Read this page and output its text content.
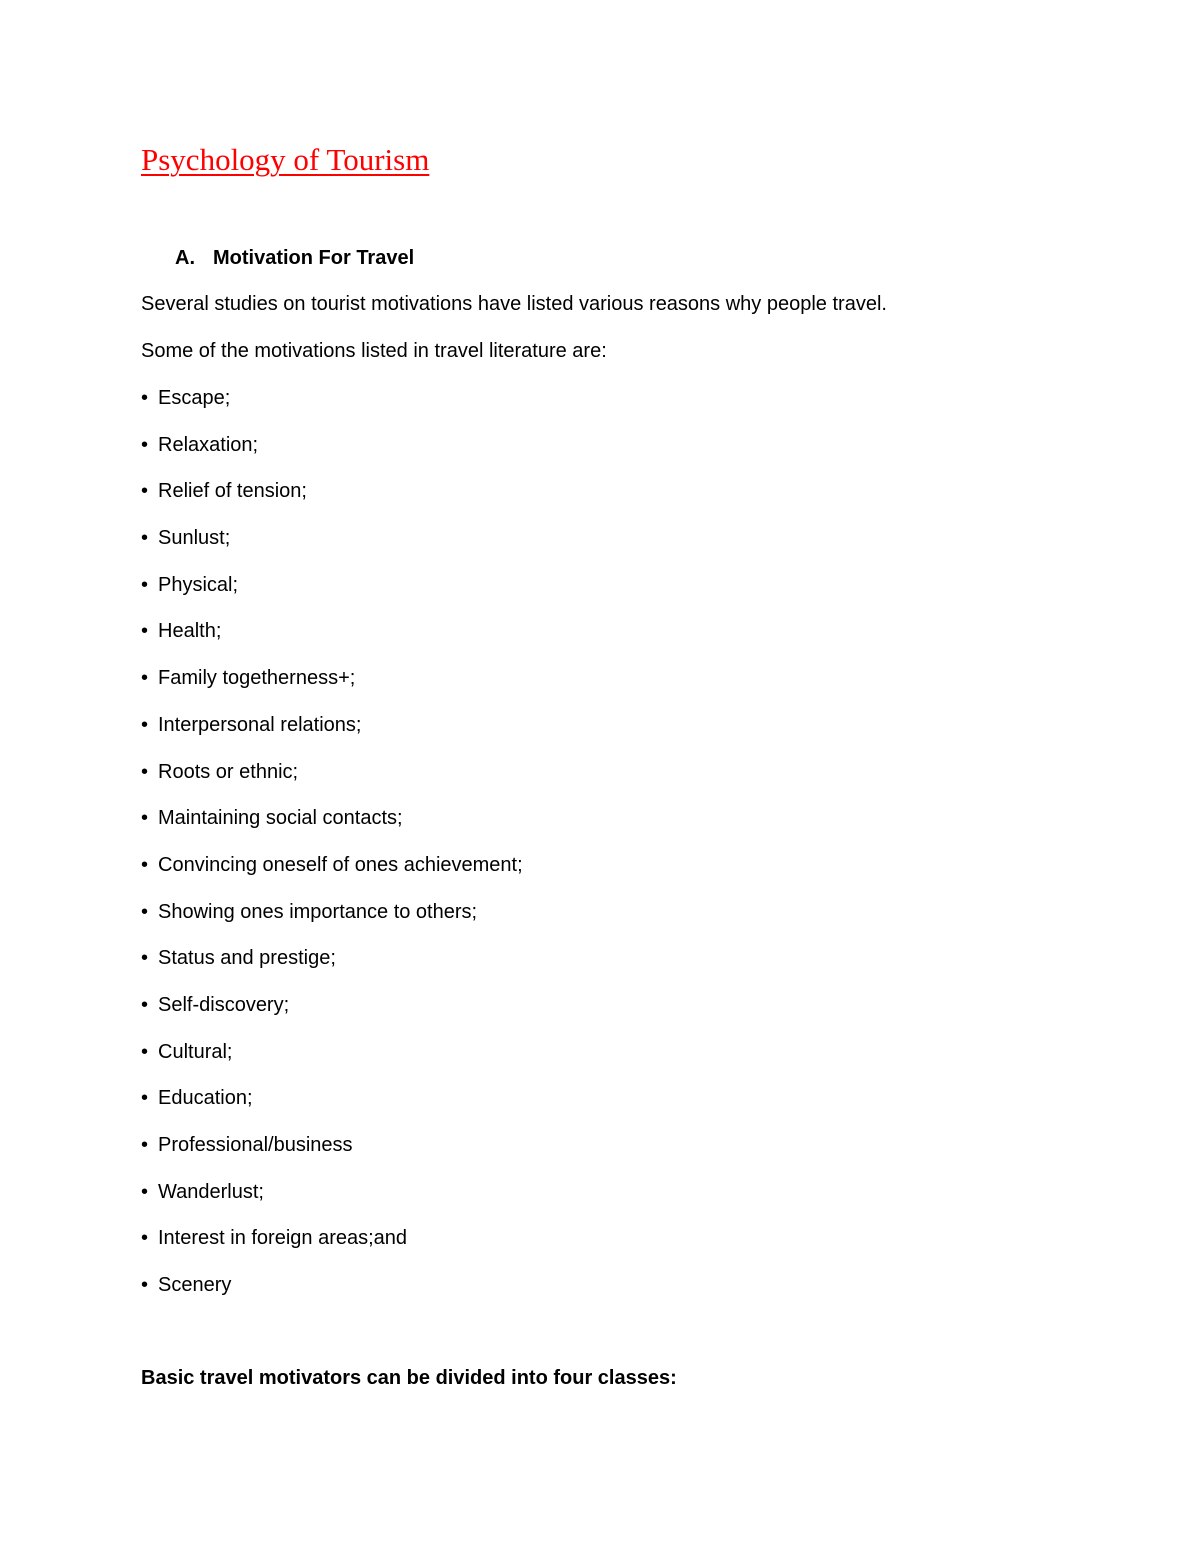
Psychology of Tourism
A. Motivation For Travel
Several studies on tourist motivations have listed various reasons why people travel.
Some of the motivations listed in travel literature are:
• Escape;
• Relaxation;
• Relief of tension;
• Sunlust;
• Physical;
• Health;
• Family togetherness+;
• Interpersonal relations;
• Roots or ethnic;
• Maintaining social contacts;
• Convincing oneself of ones achievement;
• Showing ones importance to others;
• Status and prestige;
• Self-discovery;
• Cultural;
• Education;
• Professional/business
• Wanderlust;
• Interest in foreign areas;and
• Scenery
Basic travel motivators can be divided into four classes:
